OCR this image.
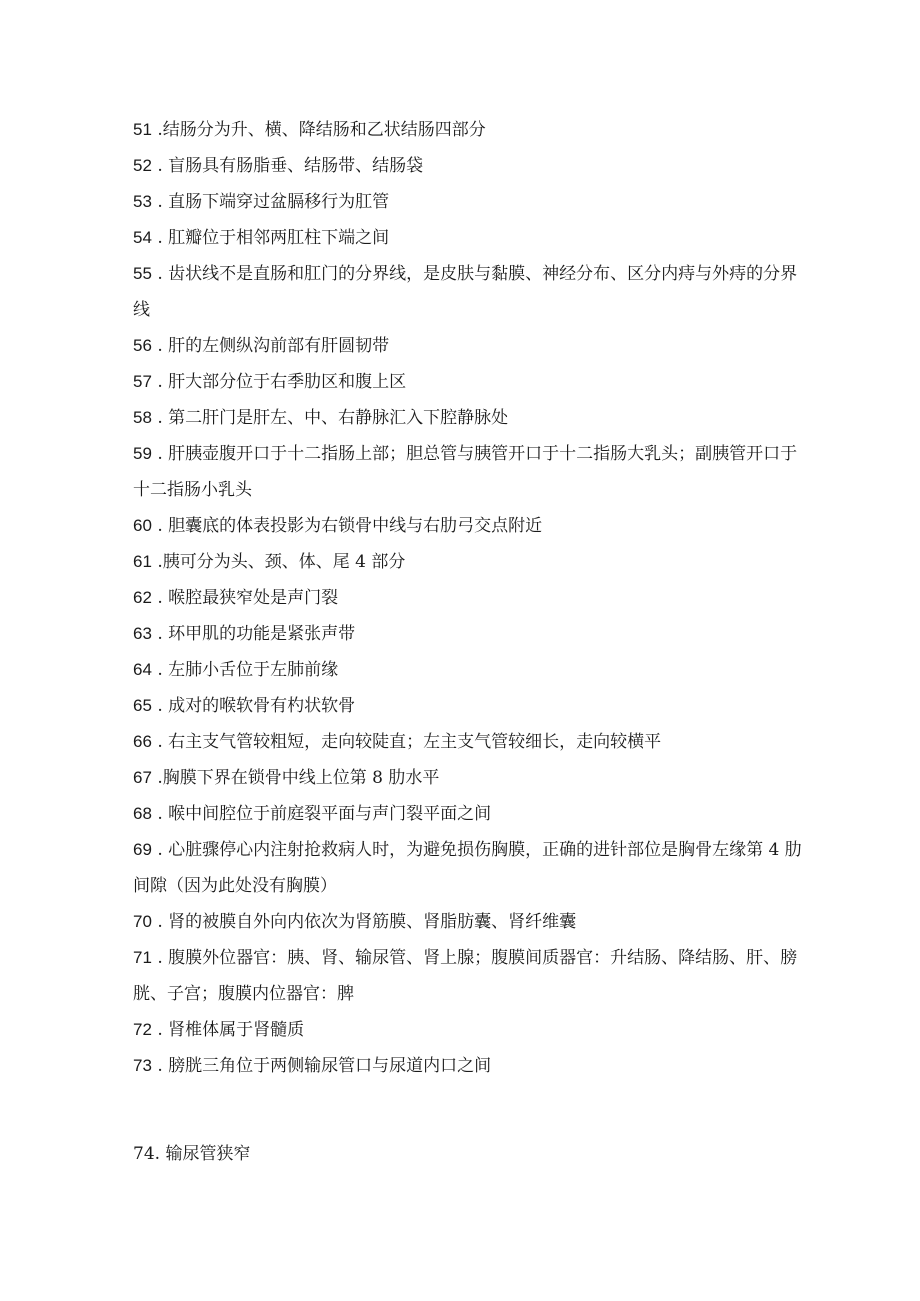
51 .结肠分为升、横、降结肠和乙状结肠四部分

52 . 盲肠具有肠脂垂、结肠带、结肠袋

53 . 直肠下端穿过盆膈移行为肛管

54 . 肛瓣位于相邻两肛柱下端之间

55 . 齿状线不是直肠和肛门的分界线，是皮肤与黏膜、神经分布、区分内痔与外痔的分界线

56 . 肝的左侧纵沟前部有肝圆韧带

57 . 肝大部分位于右季肋区和腹上区

58 . 第二肝门是肝左、中、右静脉汇入下腔静脉处

59 . 肝胰壶腹开口于十二指肠上部；胆总管与胰管开口于十二指肠大乳头；副胰管开口于十二指肠小乳头

60 . 胆囊底的体表投影为右锁骨中线与右肋弓交点附近

61 .胰可分为头、颈、体、尾 4 部分

62 . 喉腔最狭窄处是声门裂

63 . 环甲肌的功能是紧张声带

64 . 左肺小舌位于左肺前缘

65 . 成对的喉软骨有杓状软骨

66 . 右主支气管较粗短，走向较陡直；左主支气管较细长，走向较横平

67 .胸膜下界在锁骨中线上位第 8 肋水平

68 . 喉中间腔位于前庭裂平面与声门裂平面之间

69 . 心脏骤停心内注射抢救病人时，为避免损伤胸膜，正确的进针部位是胸骨左缘第 4 肋间隙（因为此处没有胸膜）

70 . 肾的被膜自外向内依次为肾筋膜、肾脂肪囊、肾纤维囊

71 . 腹膜外位器官：胰、肾、输尿管、肾上腺；腹膜间质器官：升结肠、降结肠、肝、膀胱、子宫；腹膜内位器官：脾

72 . 肾椎体属于肾髓质

73 . 膀胱三角位于两侧输尿管口与尿道内口之间

74. 输尿管狭窄
